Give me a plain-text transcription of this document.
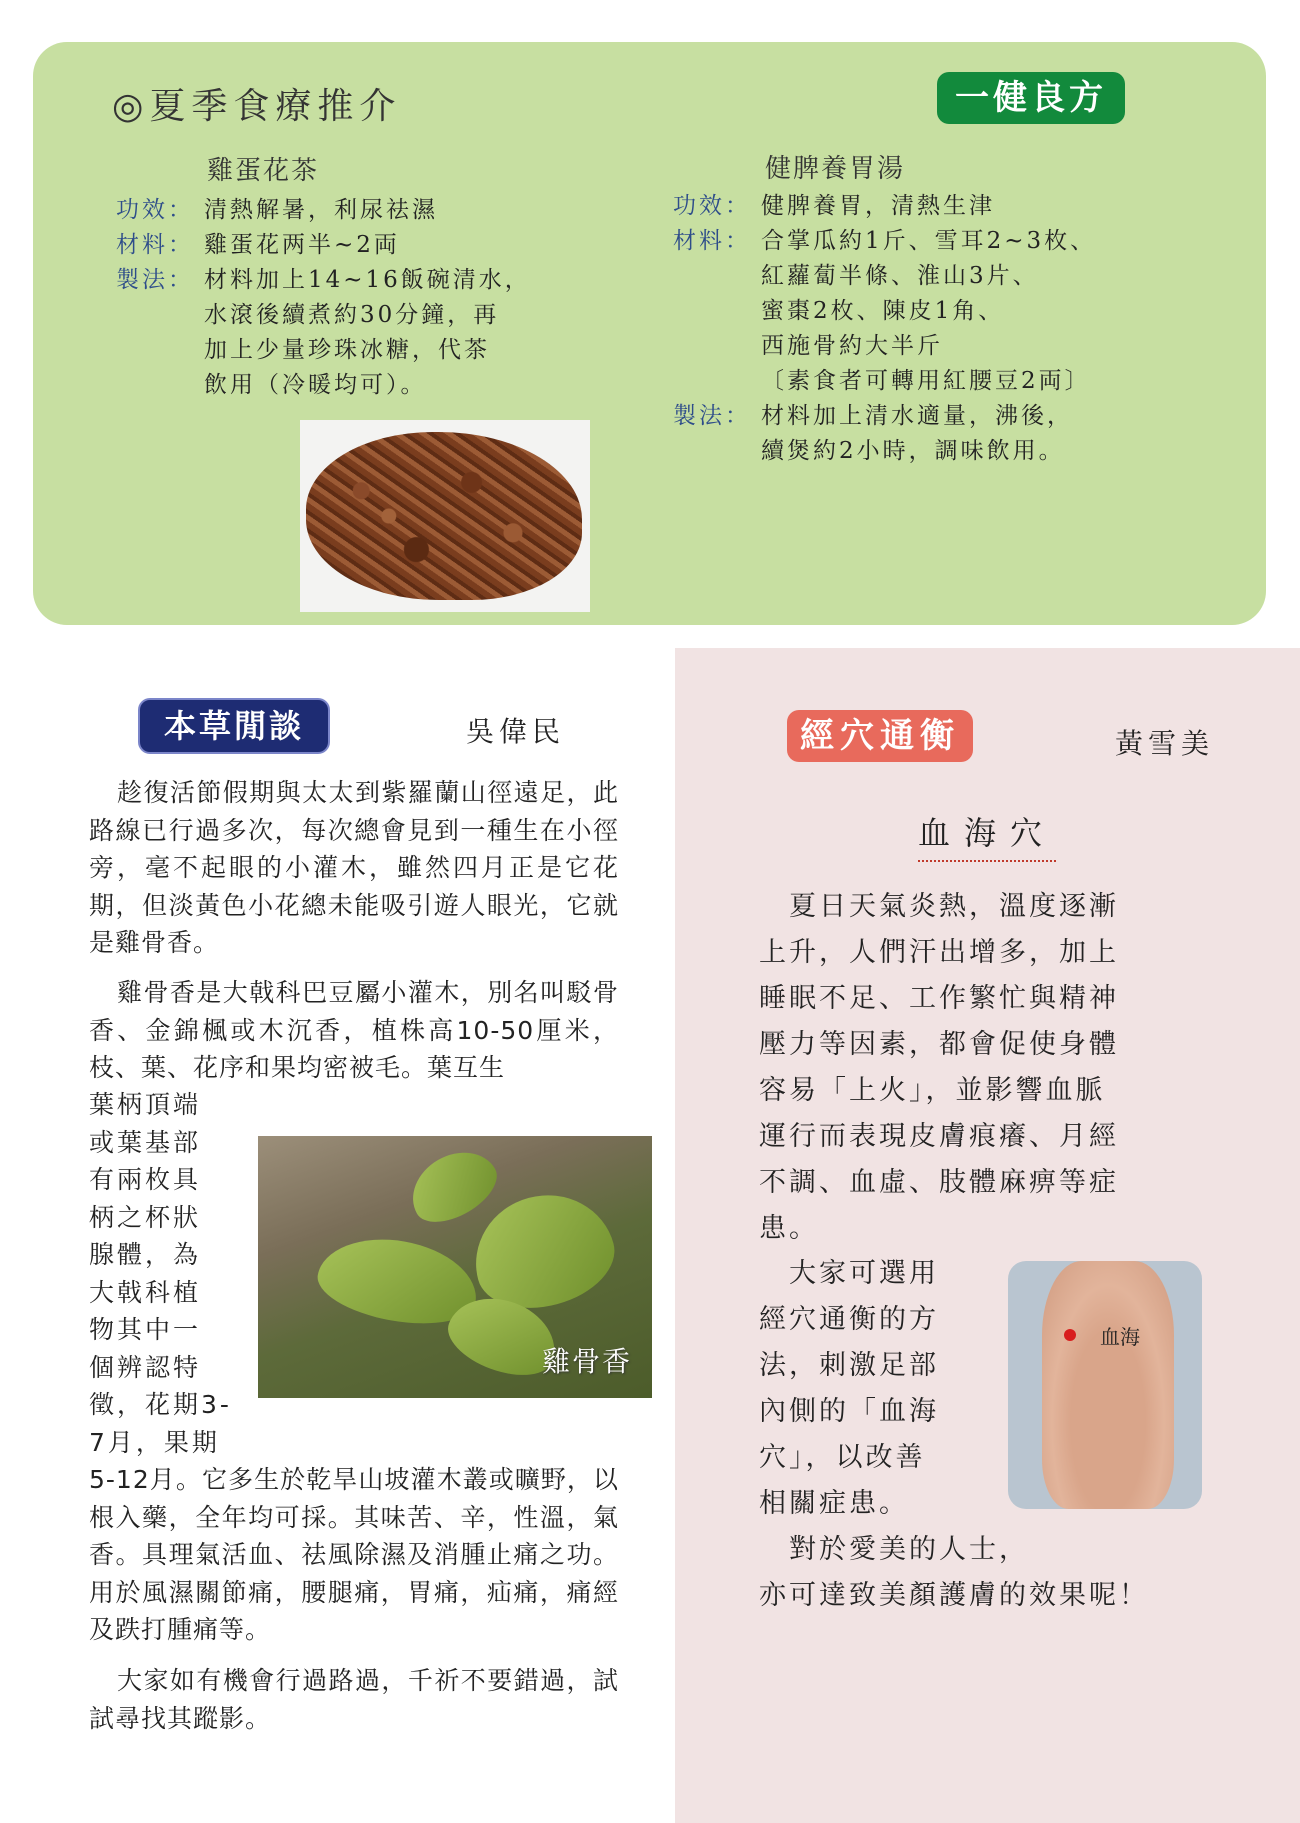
◎夏季食療推介	一健良方
雞蛋花茶
功效： 清熱解暑，利尿祛濕
材料： 雞蛋花两半~2両
製法： 材料加上14~16飯碗清水，
水滾後續煮約30分鐘，再
加上少量珍珠冰糖，代茶
飲用（冷暖均可）。
健脾養胃湯
功效： 健脾養胃，清熱生津
材料： 合掌瓜約1斤、雪耳2~3枚、
紅蘿蔔半條、淮山3片、
蜜棗2枚、陳皮1角、
西施骨約大半斤
〔素食者可轉用紅腰豆2両〕
製法： 材料加上清水適量，沸後，
續煲約2小時，調味飲用。
本草閒談	吳偉民
趁復活節假期與太太到紫羅蘭山徑遠足，此路線已行過多次，每次總會見到一種生在小徑旁，毫不起眼的小灌木，雖然四月正是它花期，但淡黃色小花總未能吸引遊人眼光，它就是雞骨香。
雞骨香是大戟科巴豆屬小灌木，別名叫駁骨香、金錦楓或木沉香，植株高10-50厘米，枝、葉、花序和果均密被毛。葉互生
葉柄頂端
或葉基部
有兩枚具
柄之杯狀
腺體，為
大戟科植
物其中一
個辨認特
徵，花期3-
7月，果期
5-12月。它多生於乾旱山坡灌木叢或曠野，以根入藥，全年均可採。其味苦、辛，性溫，氣香。具理氣活血、祛風除濕及消腫止痛之功。用於風濕關節痛，腰腿痛，胃痛，疝痛，痛經及跌打腫痛等。
大家如有機會行過路過，千祈不要錯過，試試尋找其蹤影。
雞骨香
經穴通衡	黃雪美
血海穴
　夏日天氣炎熱，溫度逐漸
上升，人們汗出增多，加上
睡眠不足、工作繁忙與精神
壓力等因素，都會促使身體
容易「上火」，並影響血脈
運行而表現皮膚痕癢、月經
不調、血虛、肢體麻痹等症
患。
　大家可選用
經穴通衡的方
法，刺激足部
內側的「血海
穴」，以改善
相關症患。
　對於愛美的人士，
亦可達致美顏護膚的效果呢！
血海
